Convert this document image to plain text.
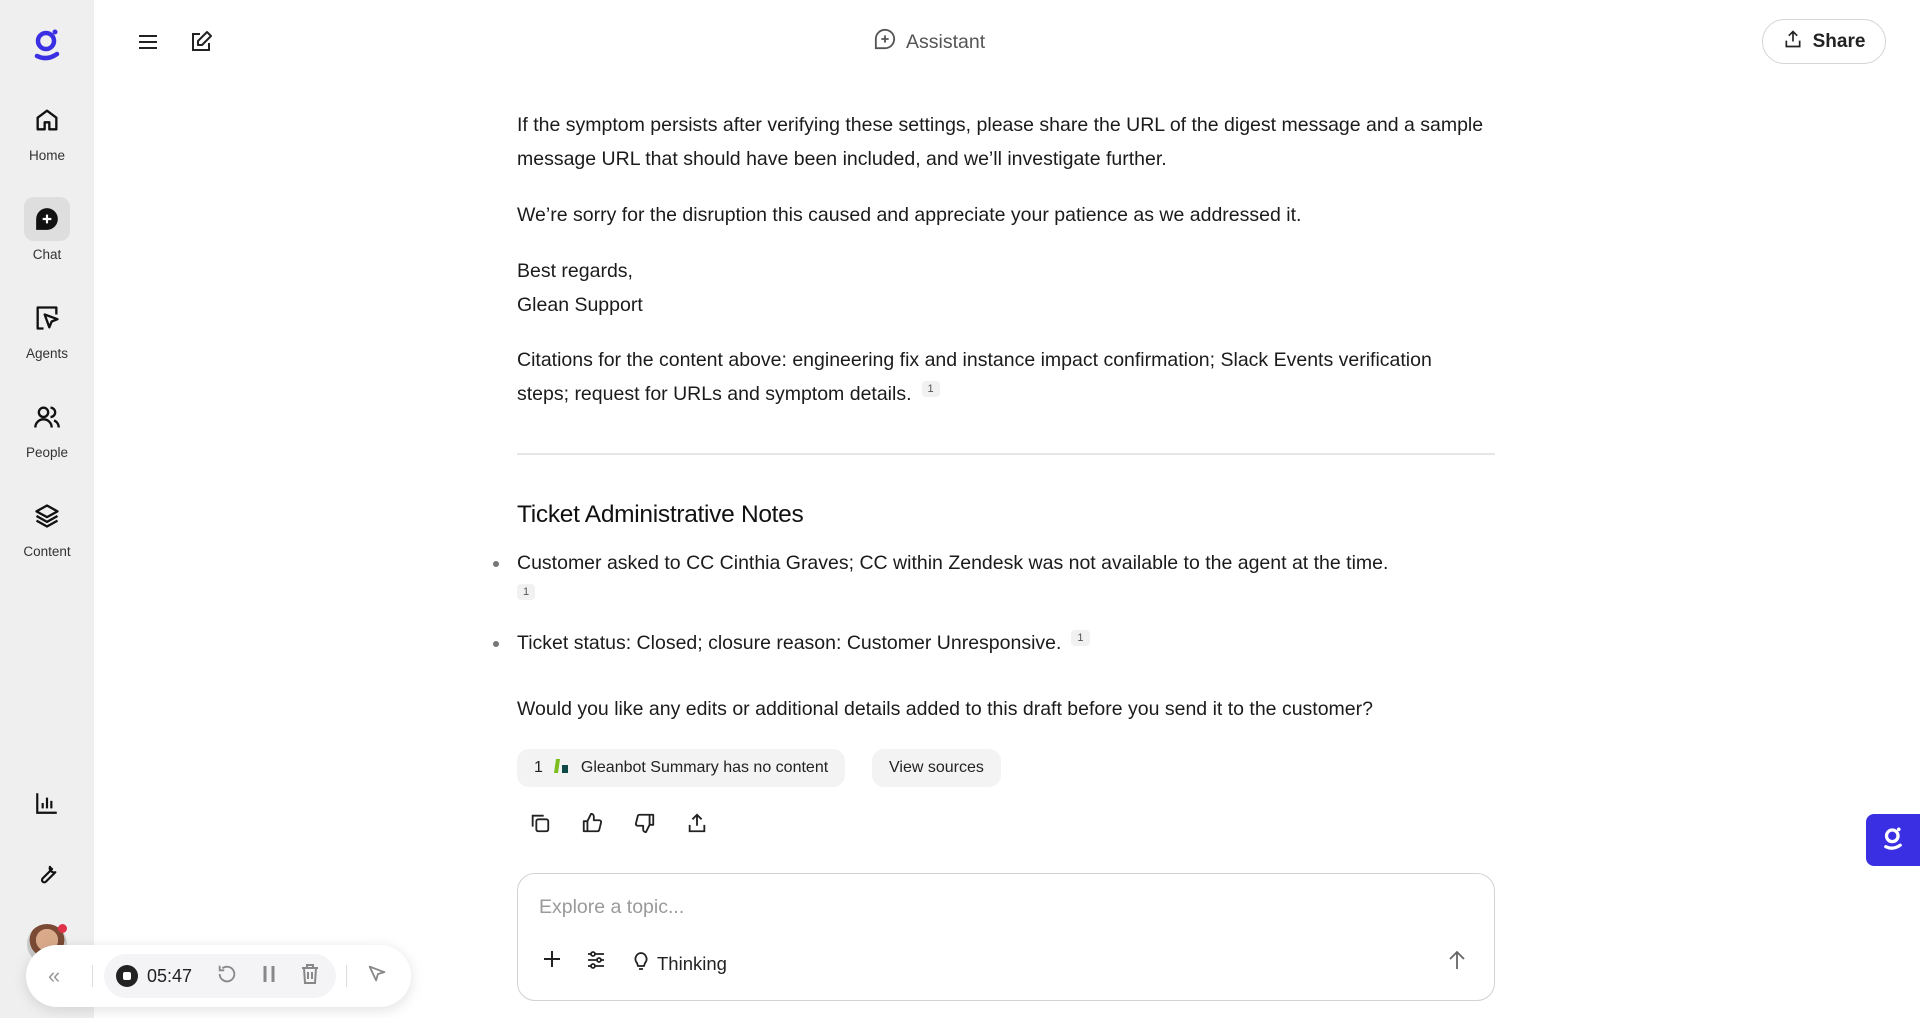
Home
Chat
Agents
People
Content
Assistant	Share

If the symptom persists after verifying these settings, please share the URL of the digest message and a sample message URL that should have been included, and we’ll investigate further.

We’re sorry for the disruption this caused and appreciate your patience as we addressed it.

Best regards,

Glean Support

Citations for the content above: engineering fix and instance impact confirmation; Slack Events verification steps; request for URLs and symptom details. 1

Ticket Administrative Notes

Customer asked to CC Cinthia Graves; CC within Zendesk was not available to the agent at the time.
1

Ticket status: Closed; closure reason: Customer Unresponsive. 1

Would you like any edits or additional details added to this draft before you send it to the customer?

1 Gleanbot Summary has no content	View sources
Explore a topic...
Thinking
«	05:47
